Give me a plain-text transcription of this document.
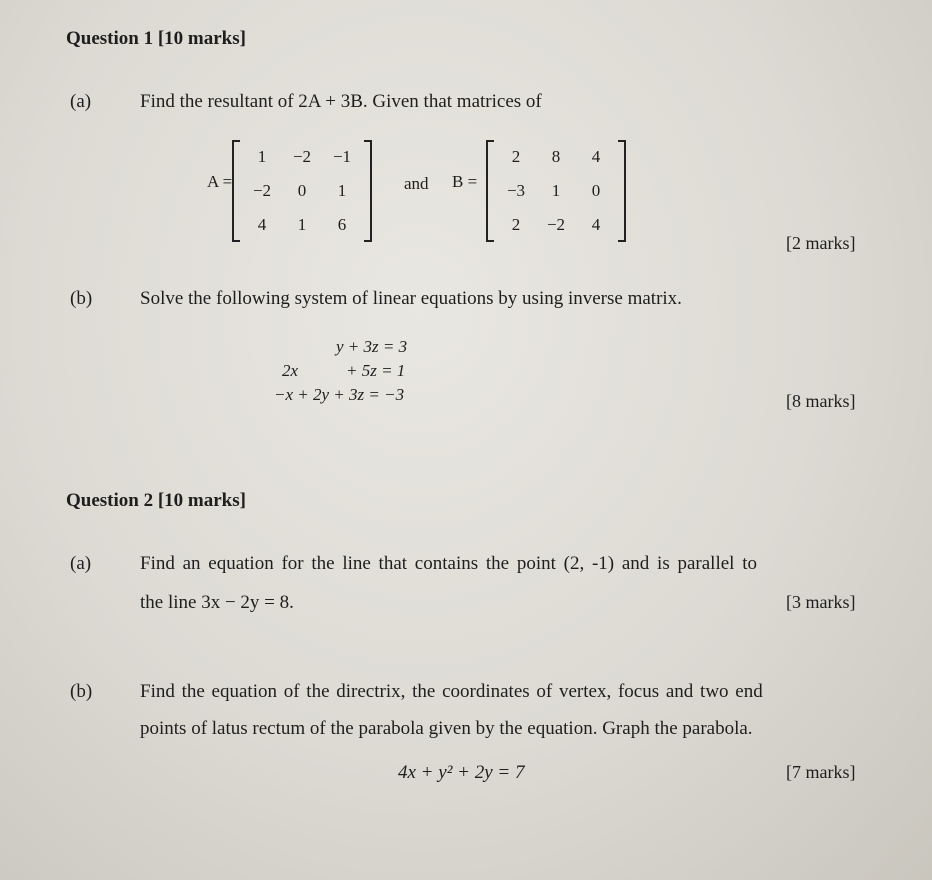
Question 1 [10 marks]
(a)	Find the resultant of 2A + 3B. Given that matrices of
A =
1	−2	−1
−2	0	1
4	1	6
and B =
2	8	4
−3	1	0
2	−2	4
[2 marks]
(b)	Solve the following system of linear equations by using inverse matrix.
y + 3z = 3
2x	+ 5z = 1
−x + 2y + 3z = −3	[8 marks]
Question 2 [10 marks]
(a)	Find an equation for the line that contains the point (2, -1) and is parallel to
the line 3x − 2y = 8.	[3 marks]
(b)	Find the equation of the directrix, the coordinates of vertex, focus and two end
points of latus rectum of the parabola given by the equation. Graph the parabola.
4x + y² + 2y = 7	[7 marks]
